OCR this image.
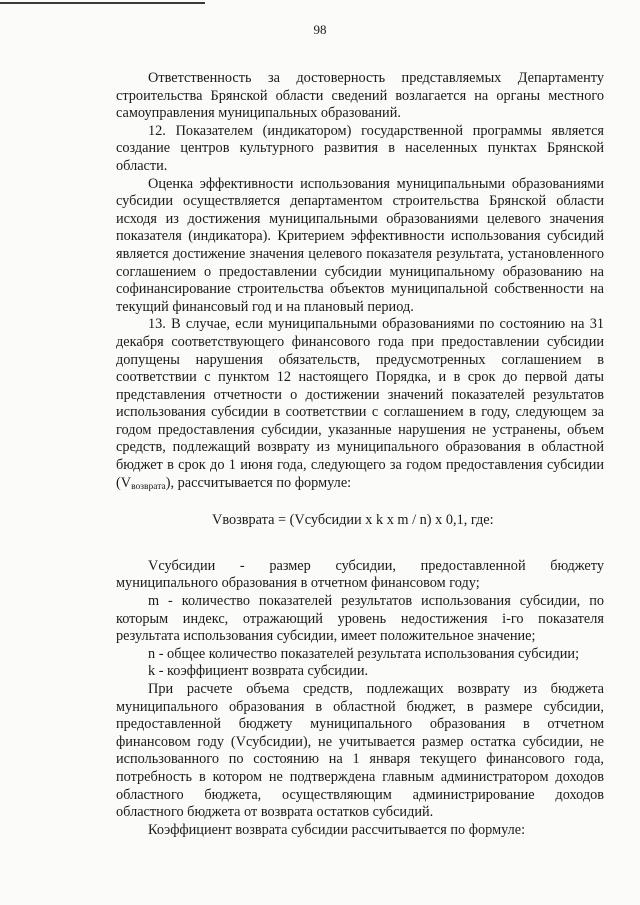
98

Ответственность за достоверность представляемых Департаменту строительства Брянской области сведений возлагается на органы местного самоуправления муниципальных образований.

12. Показателем (индикатором) государственной программы является создание центров культурного развития в населенных пунктах Брянской области.

Оценка эффективности использования муниципальными образованиями субсидии осуществляется департаментом строительства Брянской области исходя из достижения муниципальными образованиями целевого значения показателя (индикатора). Критерием эффективности использования субсидий является достижение значения целевого показателя результата, установленного соглашением о предоставлении субсидии муниципальному образованию на софинансирование строительства объектов муниципальной собственности на текущий финансовый год и на плановый период.

13. В случае, если муниципальными образованиями по состоянию на 31 декабря соответствующего финансового года при предоставлении субсидии допущены нарушения обязательств, предусмотренных соглашением в соответствии с пунктом 12 настоящего Порядка, и в срок до первой даты представления отчетности о достижении значений показателей результатов использования субсидии в соответствии с соглашением в году, следующем за годом предоставления субсидии, указанные нарушения не устранены, объем средств, подлежащий возврату из муниципального образования в областной бюджет в срок до 1 июня года, следующего за годом предоставления субсидии $(V_{возврата})$, рассчитывается по формуле:

Vвозврата = (Vсубсидии x k x m / n) x 0,1, где:

Vсубсидии - размер субсидии, предоставленной бюджету муниципального образования в отчетном финансовом году;

m - количество показателей результатов использования субсидии, по которым индекс, отражающий уровень недостижения i-го показателя результата использования субсидии, имеет положительное значение;

n - общее количество показателей результата использования субсидии;

k - коэффициент возврата субсидии.

При расчете объема средств, подлежащих возврату из бюджета муниципального образования в областной бюджет, в размере субсидии, предоставленной бюджету муниципального образования в отчетном финансовом году (Vсубсидии), не учитывается размер остатка субсидии, не использованного по состоянию на 1 января текущего финансового года, потребность в котором не подтверждена главным администратором доходов областного бюджета, осуществляющим администрирование доходов областного бюджета от возврата остатков субсидий.

Коэффициент возврата субсидии рассчитывается по формуле:
